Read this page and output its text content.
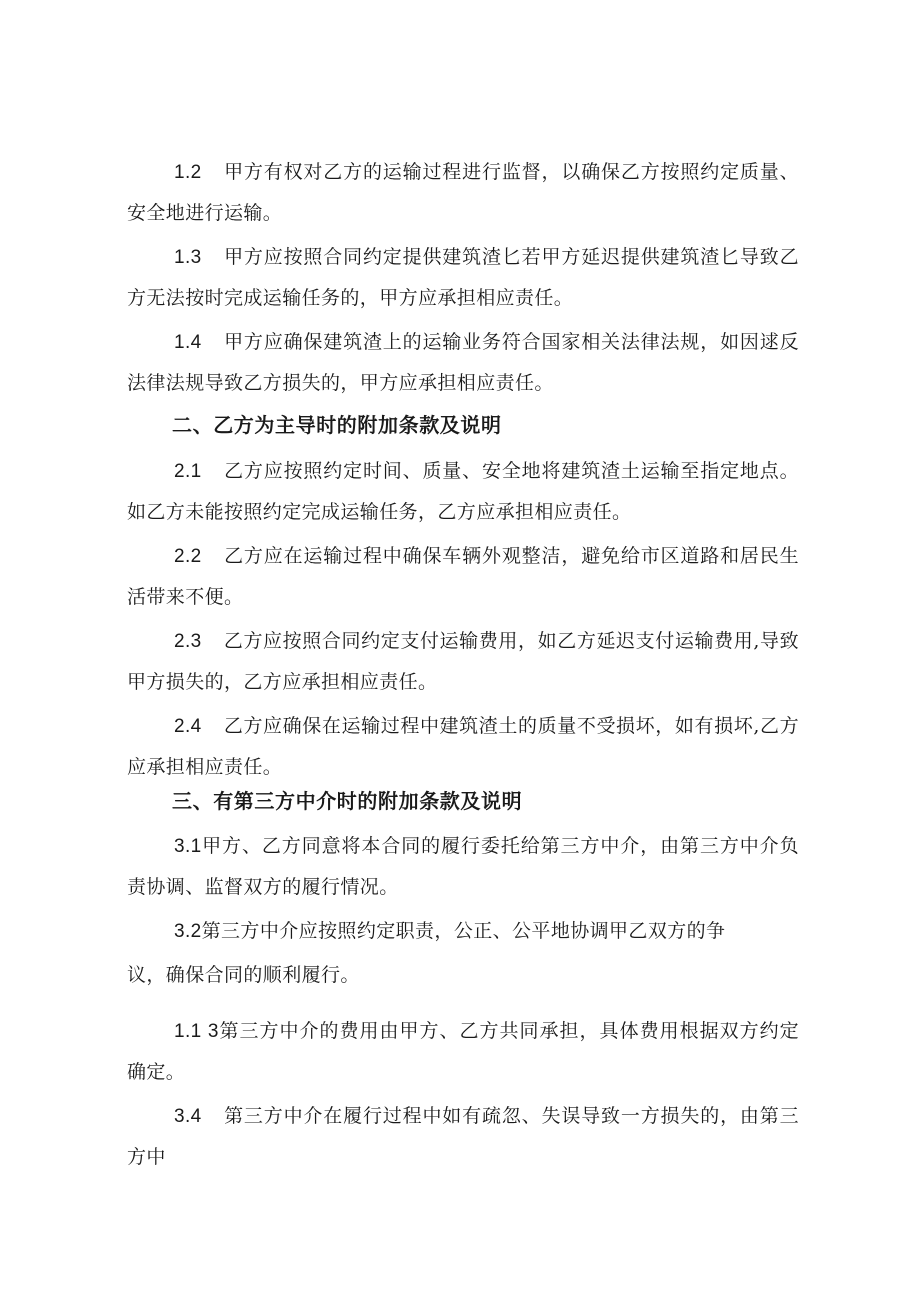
1.2 甲方有权对乙方的运输过程进行监督，以确保乙方按照约定质量、安全地进行运输。

1.3 甲方应按照合同约定提供建筑渣匕若甲方延迟提供建筑渣匕导致乙方无法按时完成运输任务的，甲方应承担相应责任。

1.4 甲方应确保建筑渣上的运输业务符合国家相关法律法规，如因逑反法律法规导致乙方损失的，甲方应承担相应责任。

二、乙方为主导时的附加条款及说明

2.1 乙方应按照约定时间、质量、安全地将建筑渣土运输至指定地点。如乙方未能按照约定完成运输任务，乙方应承担相应责任。

2.2 乙方应在运输过程中确保车辆外观整洁，避免给市区道路和居民生活带来不便。

2.3 乙方应按照合同约定支付运输费用，如乙方延迟支付运输费用,导致甲方损失的，乙方应承担相应责任。

2.4 乙方应确保在运输过程中建筑渣土的质量不受损坏，如有损坏,乙方应承担相应责任。

三、有第三方中介时的附加条款及说明

3.1甲方、乙方同意将本合同的履行委托给第三方中介，由第三方中介负责协调、监督双方的履行情况。

3.2第三方中介应按照约定职责，公正、公平地协调甲乙双方的争

议，确保合同的顺利履行。

1.1 3第三方中介的费用由甲方、乙方共同承担，具体费用根据双方约定确定。

3.4 第三方中介在履行过程中如有疏忽、失误导致一方损失的，由第三方中
